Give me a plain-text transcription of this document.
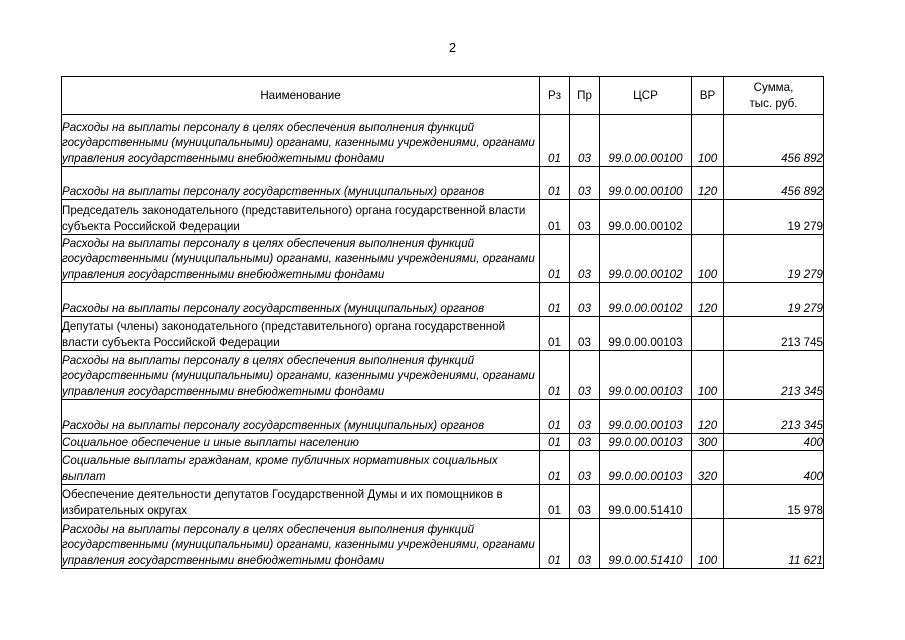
2
Наименование	Рз	Пр	ЦСР	ВР	Сумма,
тыс. руб.
Расходы на выплаты персоналу в целях обеспечения выполнения функций государственными (муниципальными) органами, казенными учреждениями, органами управления государственными внебюджетными фондами	01	03	99.0.00.00100	100	456 892
Расходы на выплаты персоналу государственных (муниципальных) органов	01	03	99.0.00.00100	120	456 892
Председатель законодательного (представительного) органа государственной власти субъекта Российской Федерации	01	03	99.0.00.00102		19 279
Расходы на выплаты персоналу в целях обеспечения выполнения функций государственными (муниципальными) органами, казенными учреждениями, органами управления государственными внебюджетными фондами	01	03	99.0.00.00102	100	19 279
Расходы на выплаты персоналу государственных (муниципальных) органов	01	03	99.0.00.00102	120	19 279
Депутаты (члены) законодательного (представительного) органа государственной власти субъекта Российской Федерации	01	03	99.0.00.00103		213 745
Расходы на выплаты персоналу в целях обеспечения выполнения функций государственными (муниципальными) органами, казенными учреждениями, органами управления государственными внебюджетными фондами	01	03	99.0.00.00103	100	213 345
Расходы на выплаты персоналу государственных (муниципальных) органов	01	03	99.0.00.00103	120	213 345
Социальное обеспечение и иные выплаты населению	01	03	99.0.00.00103	300	400
Социальные выплаты гражданам, кроме публичных нормативных социальных выплат	01	03	99.0.00.00103	320	400
Обеспечение деятельности депутатов Государственной Думы и их помощников в избирательных округах	01	03	99.0.00.51410		15 978
Расходы на выплаты персоналу в целях обеспечения выполнения функций государственными (муниципальными) органами, казенными учреждениями, органами управления государственными внебюджетными фондами	01	03	99.0.00.51410	100	11 621
